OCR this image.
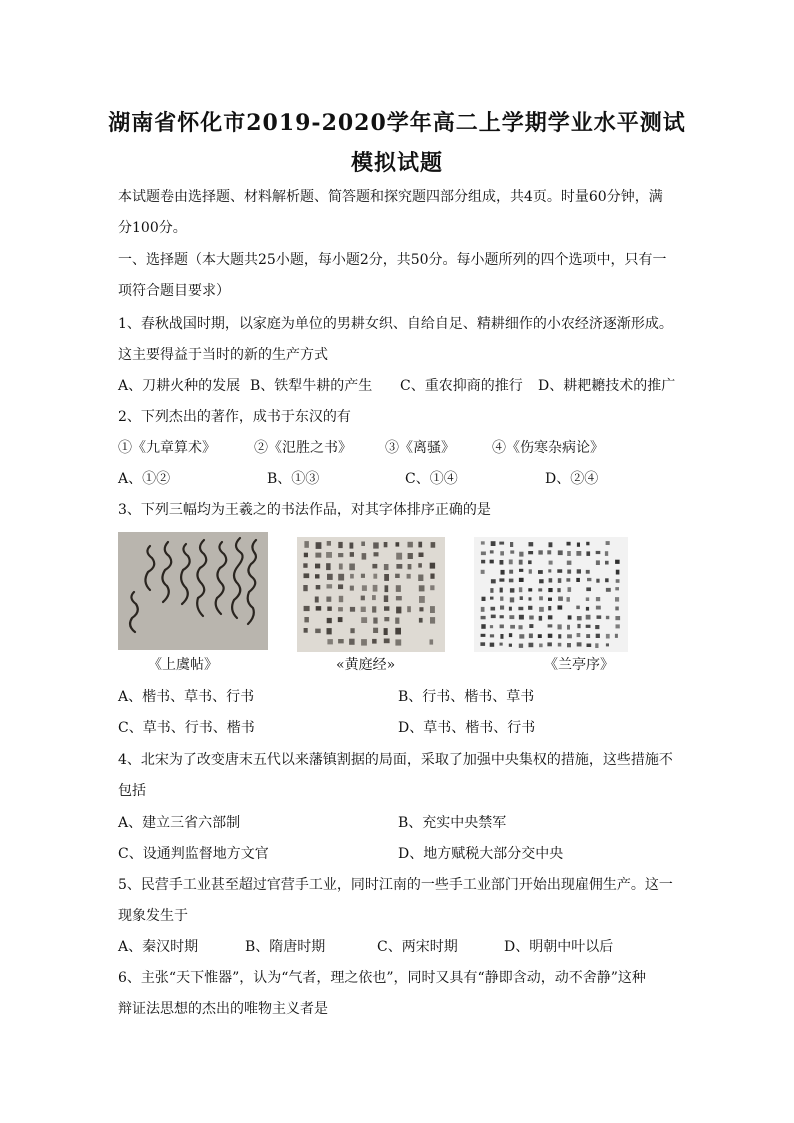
湖南省怀化市2019-2020学年高二上学期学业水平测试
模拟试题
本试题卷由选择题、材料解析题、简答题和探究题四部分组成，共4页。时量60分钟，满
分100分。
一、选择题（本大题共25小题，每小题2分，共50分。每小题所列的四个选项中，只有一
项符合题目要求）
1、春秋战国时期，以家庭为单位的男耕女织、自给自足、精耕细作的小农经济逐渐形成。
这主要得益于当时的新的生产方式
A、刀耕火种的发展 B、铁犁牛耕的产生 C、重农抑商的推行 D、耕耙耱技术的推广
2、下列杰出的著作，成书于东汉的有
①《九章算术》	②《氾胜之书》 ③《离骚》	④《伤寒杂病论》
A、①②	B、①③	C、①④	D、②④
3、下列三幅均为王羲之的书法作品，对其字体排序正确的是
《上虞帖》	«黄庭经»	《兰亭序》
A、楷书、草书、行书	B、行书、楷书、草书
C、草书、行书、楷书	D、草书、楷书、行书
4、北宋为了改变唐末五代以来藩镇割据的局面，采取了加强中央集权的措施，这些措施不
包括
A、建立三省六部制	B、充实中央禁军
C、设通判监督地方文官	D、地方赋税大部分交中央
5、民营手工业甚至超过官营手工业，同时江南的一些手工业部门开始出现雇佣生产。这一
现象发生于
A、秦汉时期	B、隋唐时期	C、两宋时期	D、明朝中叶以后
6、主张“天下惟器”，认为“气者，理之依也”，同时又具有“静即含动，动不舍静”这种
辩证法思想的杰出的唯物主义者是
